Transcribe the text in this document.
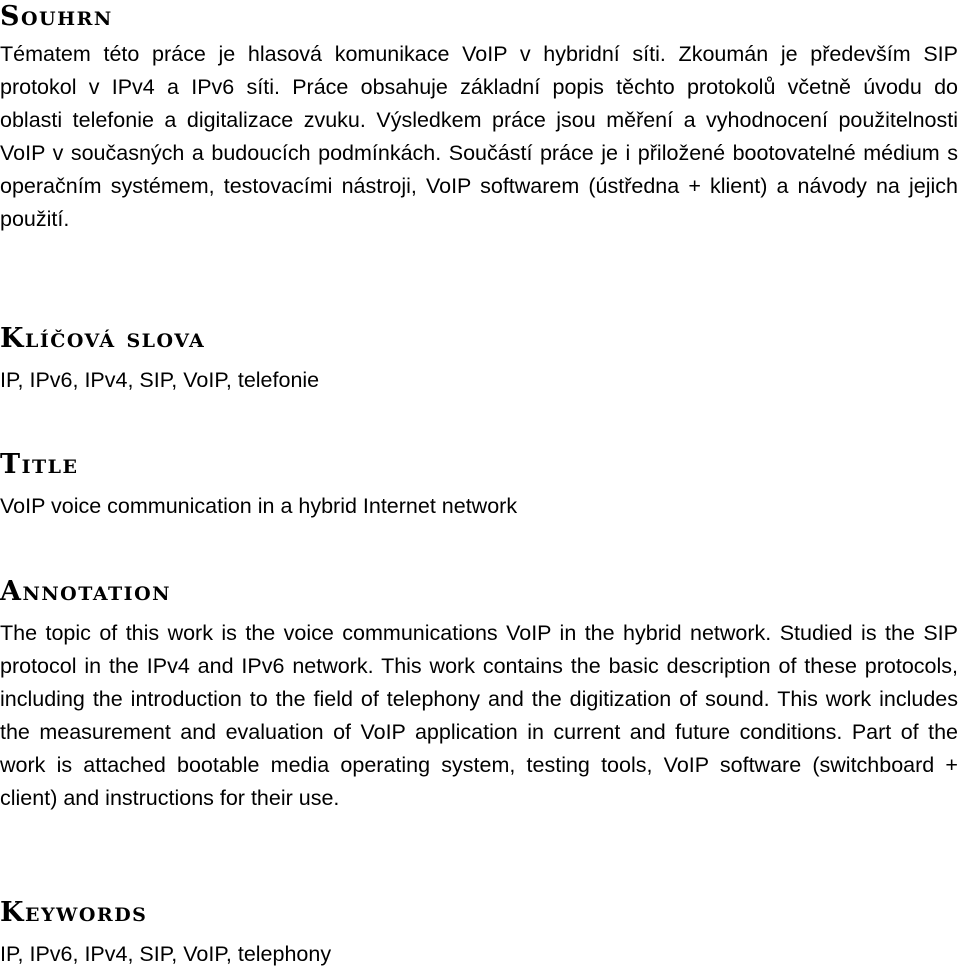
Souhrn

Tématem této práce je hlasová komunikace VoIP v hybridní síti. Zkoumán je především SIP protokol v IPv4 a IPv6 síti. Práce obsahuje základní popis těchto protokolů včetně úvodu do oblasti telefonie a digitalizace zvuku. Výsledkem práce jsou měření a vyhodnocení použitelnosti VoIP v současných a budoucích podmínkách. Součástí práce je i přiložené bootovatelné médium s operačním systémem, testovacími nástroji, VoIP softwarem (ústředna + klient) a návody na jejich použití.

Klíčová slova

IP, IPv6, IPv4, SIP, VoIP, telefonie

Title

VoIP voice communication in a hybrid Internet network

Annotation

The topic of this work is the voice communications VoIP in the hybrid network. Studied is the SIP protocol in the IPv4 and IPv6 network. This work contains the basic description of these protocols, including the introduction to the field of telephony and the digitization of sound. This work includes the measurement and evaluation of VoIP application in current and future conditions. Part of the work is attached bootable media operating system, testing tools, VoIP software (switchboard + client) and instructions for their use.

Keywords

IP, IPv6, IPv4, SIP, VoIP, telephony
